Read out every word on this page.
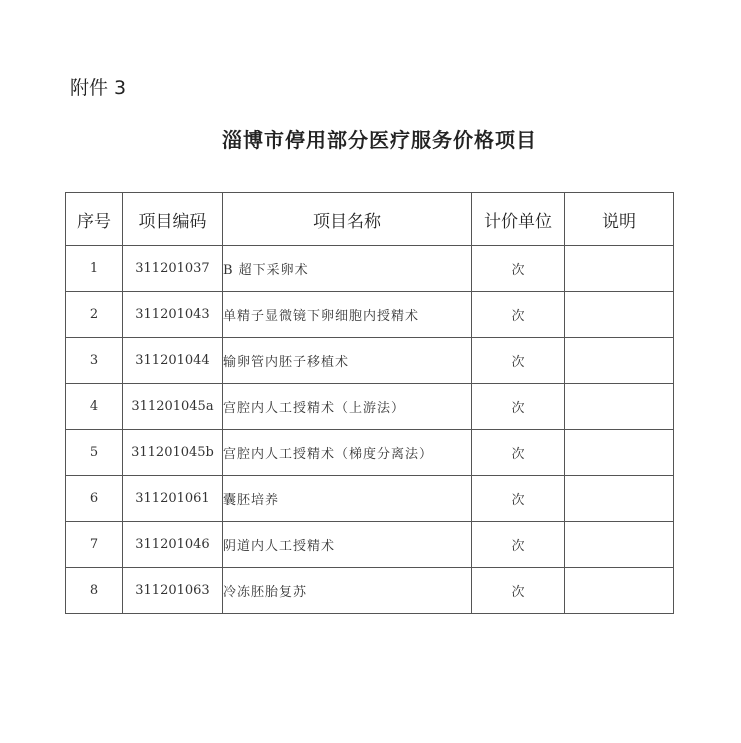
附件 3
淄博市停用部分医疗服务价格项目
序号	项目编码	项目名称	计价单位	说明
1	311201037	B 超下采卵术	次	
2	311201043	单精子显微镜下卵细胞内授精术	次	
3	311201044	输卵管内胚子移植术	次	
4	311201045a	宫腔内人工授精术（上游法）	次	
5	311201045b	宫腔内人工授精术（梯度分离法）	次	
6	311201061	囊胚培养	次	
7	311201046	阴道内人工授精术	次	
8	311201063	冷冻胚胎复苏	次	
